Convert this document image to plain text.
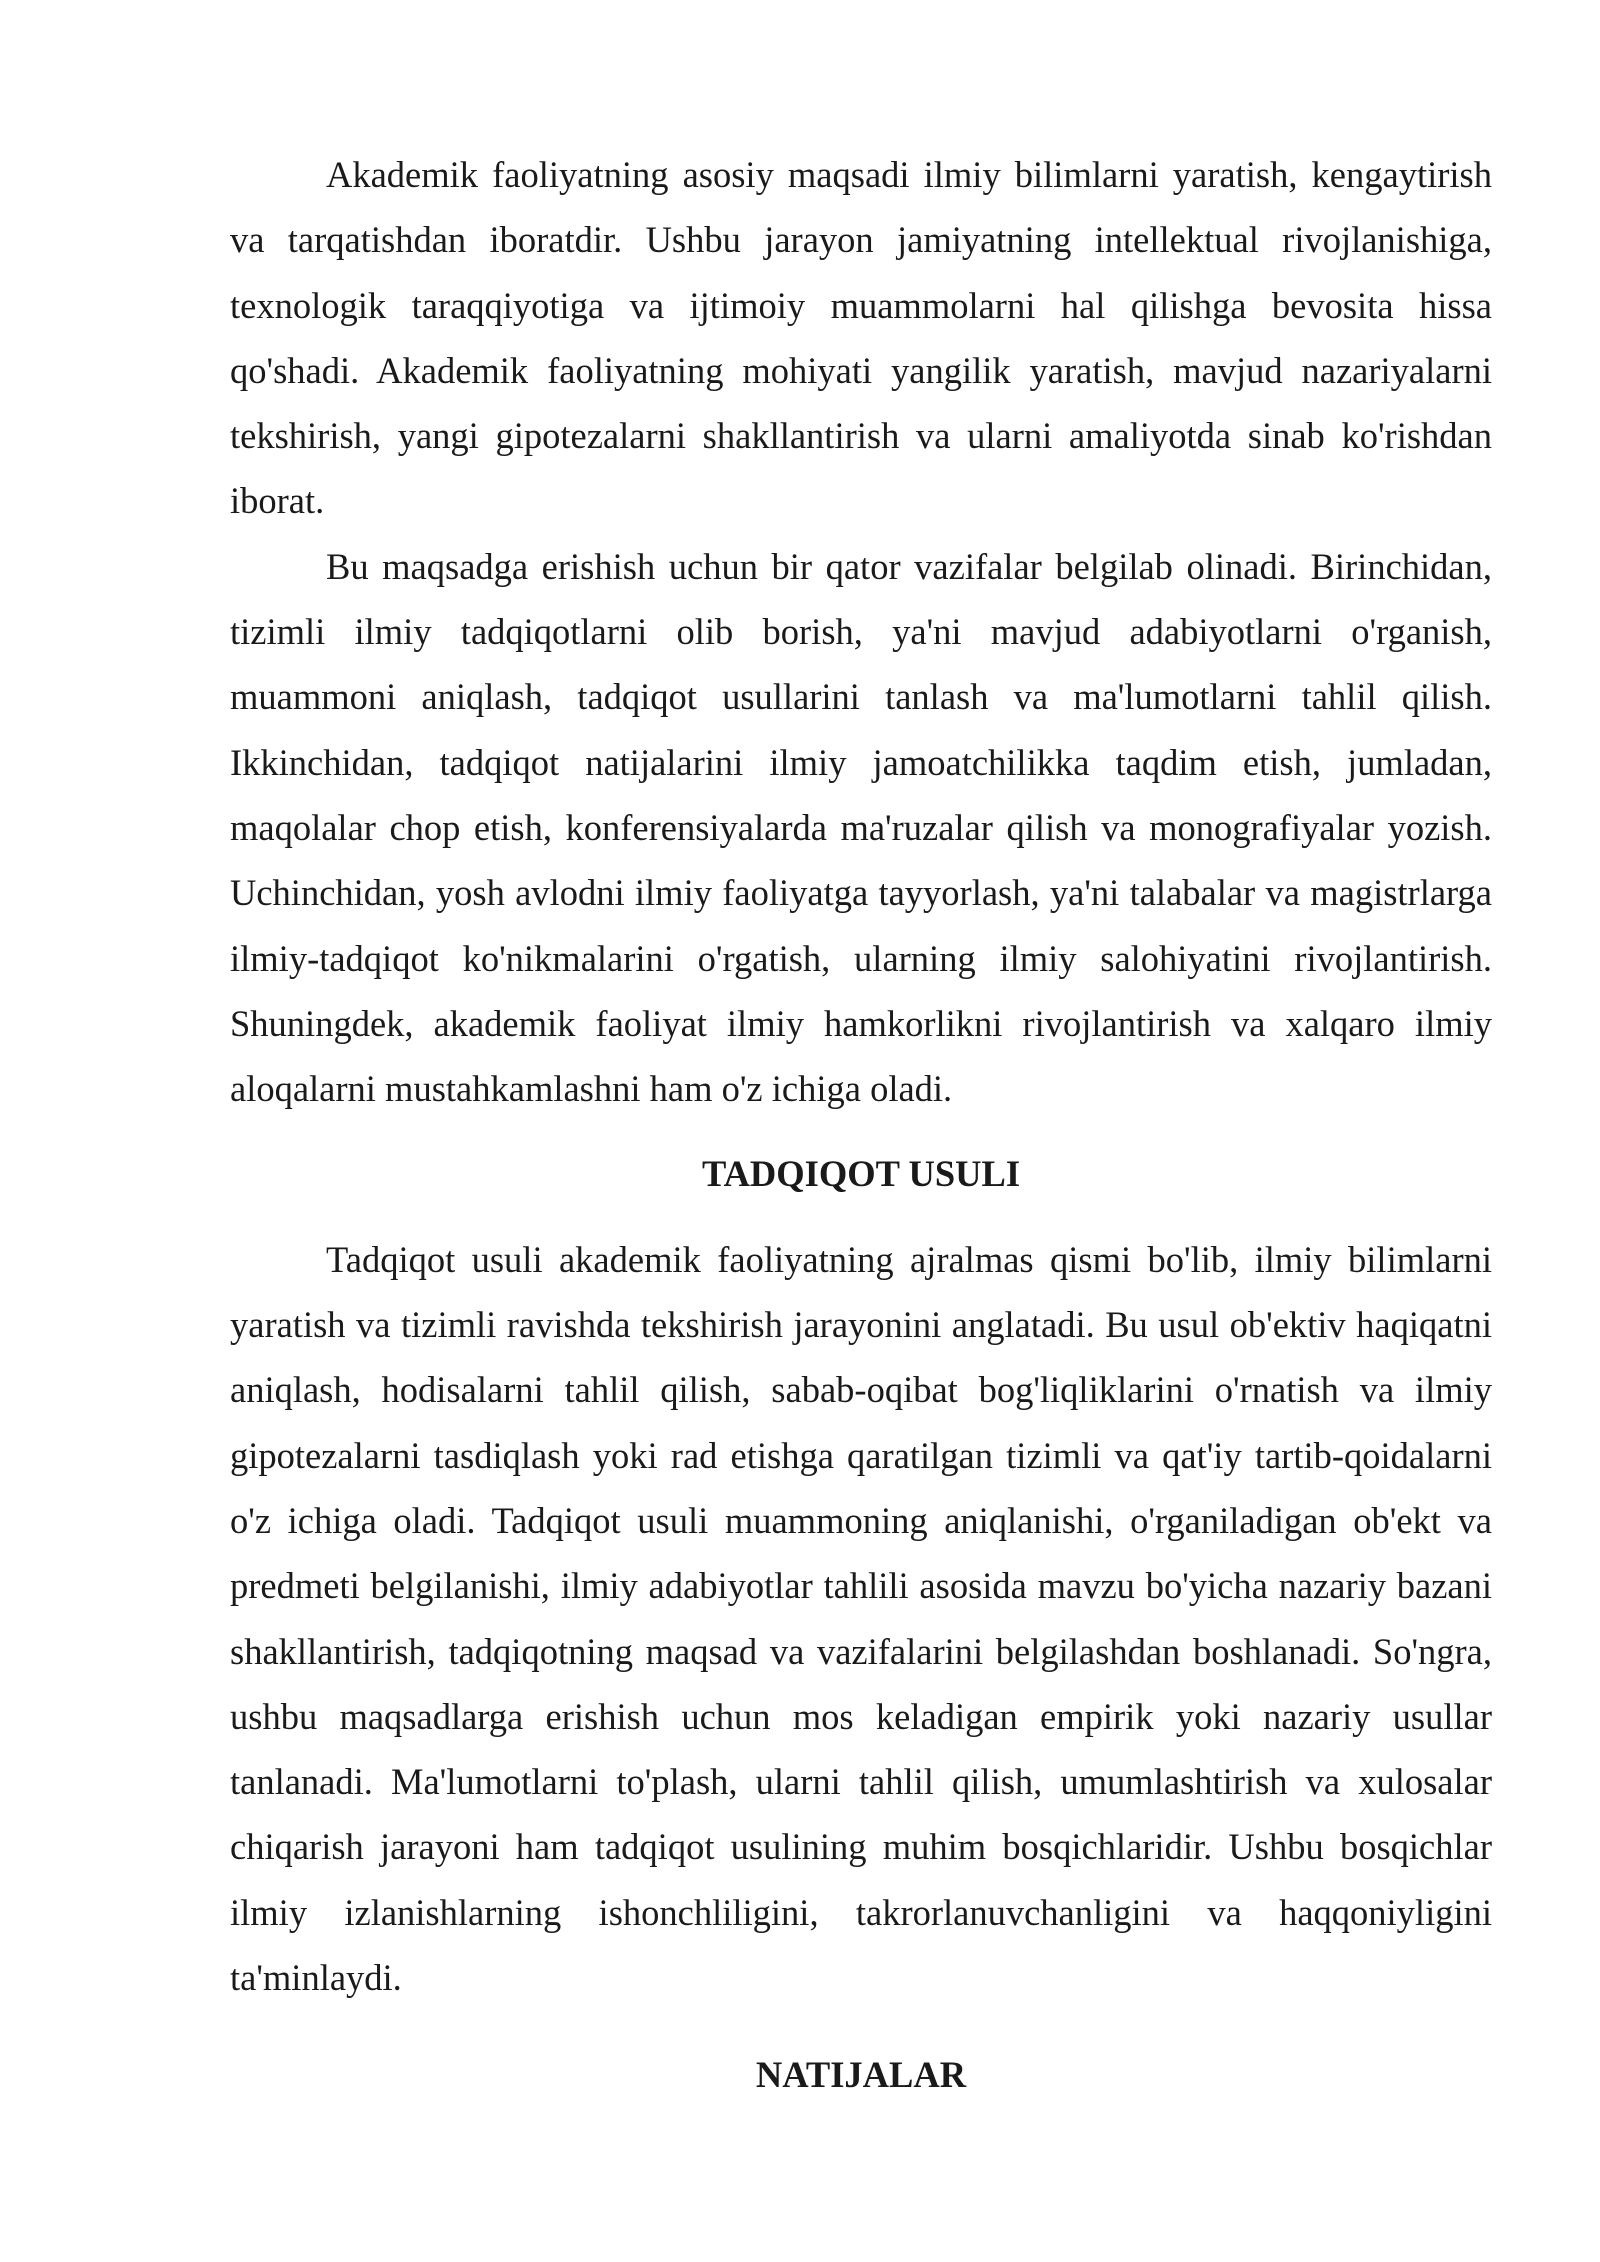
Akademik faoliyatning asosiy maqsadi ilmiy bilimlarni yaratish, kengaytirish va tarqatishdan iboratdir. Ushbu jarayon jamiyatning intellektual rivojlanishiga, texnologik taraqqiyotiga va ijtimoiy muammolarni hal qilishga bevosita hissa qo'shadi. Akademik faoliyatning mohiyati yangilik yaratish, mavjud nazariyalarni tekshirish, yangi gipotezalarni shakllantirish va ularni amaliyotda sinab ko'rishdan iborat.

Bu maqsadga erishish uchun bir qator vazifalar belgilab olinadi. Birinchidan, tizimli ilmiy tadqiqotlarni olib borish, ya'ni mavjud adabiyotlarni o'rganish, muammoni aniqlash, tadqiqot usullarini tanlash va ma'lumotlarni tahlil qilish. Ikkinchidan, tadqiqot natijalarini ilmiy jamoatchilikka taqdim etish, jumladan, maqolalar chop etish, konferensiyalarda ma'ruzalar qilish va monografiyalar yozish. Uchinchidan, yosh avlodni ilmiy faoliyatga tayyorlash, ya'ni talabalar va magistrlarga ilmiy-tadqiqot ko'nikmalarini o'rgatish, ularning ilmiy salohiyatini rivojlantirish. Shuningdek, akademik faoliyat ilmiy hamkorlikni rivojlantirish va xalqaro ilmiy aloqalarni mustahkamlashni ham o'z ichiga oladi.

TADQIQOT USULI

Tadqiqot usuli akademik faoliyatning ajralmas qismi bo'lib, ilmiy bilimlarni yaratish va tizimli ravishda tekshirish jarayonini anglatadi. Bu usul ob'ektiv haqiqatni aniqlash, hodisalarni tahlil qilish, sabab-oqibat bog'liqliklarini o'rnatish va ilmiy gipotezalarni tasdiqlash yoki rad etishga qaratilgan tizimli va qat'iy tartib-qoidalarni o'z ichiga oladi. Tadqiqot usuli muammoning aniqlanishi, o'rganiladigan ob'ekt va predmeti belgilanishi, ilmiy adabiyotlar tahlili asosida mavzu bo'yicha nazariy bazani shakllantirish, tadqiqotning maqsad va vazifalarini belgilashdan boshlanadi. So'ngra, ushbu maqsadlarga erishish uchun mos keladigan empirik yoki nazariy usullar tanlanadi. Ma'lumotlarni to'plash, ularni tahlil qilish, umumlashtirish va xulosalar chiqarish jarayoni ham tadqiqot usulining muhim bosqichlaridir. Ushbu bosqichlar ilmiy izlanishlarning ishonchliligini, takrorlanuvchanligini va haqqoniyligini ta'minlaydi.

NATIJALAR
